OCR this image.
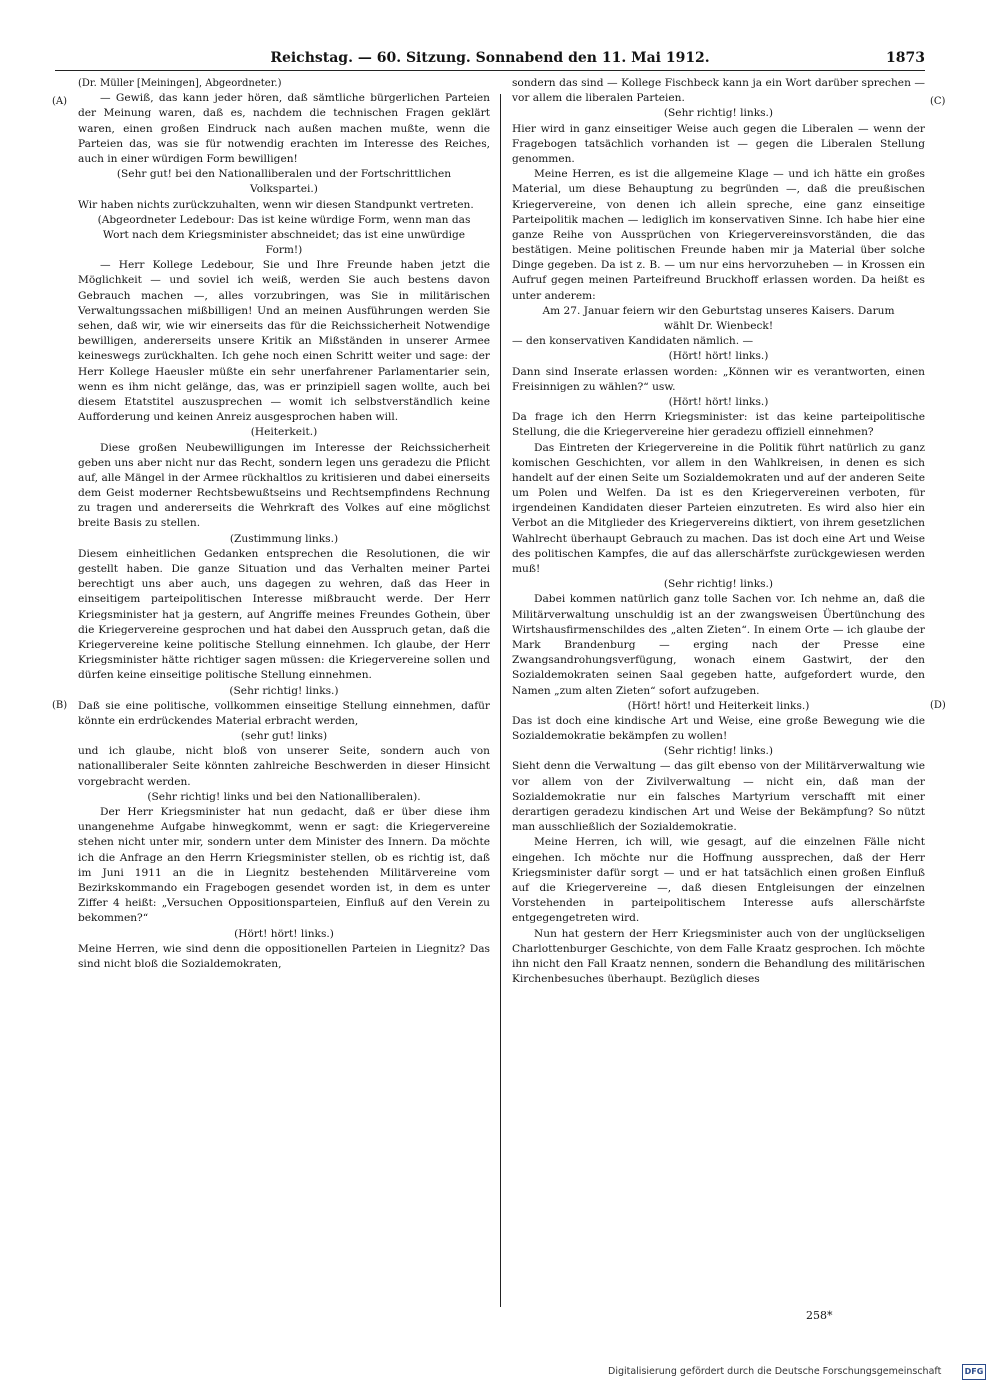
Reichstag. — 60. Sitzung. Sonnabend den 11. Mai 1912.	1873
(A)
(B)
(C)
(D)

(Dr. Müller [Meiningen], Abgeordneter.)

— Gewiß, das kann jeder hören, daß sämtliche bürgerlichen Parteien der Meinung waren, daß es, nachdem die technischen Fragen geklärt waren, einen großen Eindruck nach außen machen mußte, wenn die Parteien das, was sie für notwendig erachten im Interesse des Reiches, auch in einer würdigen Form bewilligen!

(Sehr gut! bei den Nationalliberalen und der Fortschrittlichen Volkspartei.)

Wir haben nichts zurückzuhalten, wenn wir diesen Standpunkt vertreten.

(Abgeordneter Ledebour: Das ist keine würdige Form, wenn man das Wort nach dem Kriegsminister abschneidet; das ist eine unwürdige Form!)

— Herr Kollege Ledebour, Sie und Ihre Freunde haben jetzt die Möglichkeit — und soviel ich weiß, werden Sie auch bestens davon Gebrauch machen —, alles vorzubringen, was Sie in militärischen Verwaltungssachen mißbilligen! Und an meinen Ausführungen werden Sie sehen, daß wir, wie wir einerseits das für die Reichssicherheit Notwendige bewilligen, andererseits unsere Kritik an Mißständen in unserer Armee keineswegs zurückhalten. Ich gehe noch einen Schritt weiter und sage: der Herr Kollege Haeusler müßte ein sehr unerfahrener Parlamentarier sein, wenn es ihm nicht gelänge, das, was er prinzipiell sagen wollte, auch bei diesem Etatstitel auszusprechen — womit ich selbstverständlich keine Aufforderung und keinen Anreiz ausgesprochen haben will.

(Heiterkeit.)

Diese großen Neubewilligungen im Interesse der Reichssicherheit geben uns aber nicht nur das Recht, sondern legen uns geradezu die Pflicht auf, alle Mängel in der Armee rückhaltlos zu kritisieren und dabei einerseits dem Geist moderner Rechtsbewußtseins und Rechtsempfindens Rechnung zu tragen und andererseits die Wehrkraft des Volkes auf eine möglichst breite Basis zu stellen.

(Zustimmung links.)

Diesem einheitlichen Gedanken entsprechen die Resolutionen, die wir gestellt haben. Die ganze Situation und das Verhalten meiner Partei berechtigt uns aber auch, uns dagegen zu wehren, daß das Heer in einseitigem parteipolitischen Interesse mißbraucht werde. Der Herr Kriegsminister hat ja gestern, auf Angriffe meines Freundes Gothein, über die Kriegervereine gesprochen und hat dabei den Ausspruch getan, daß die Kriegervereine keine politische Stellung einnehmen. Ich glaube, der Herr Kriegsminister hätte richtiger sagen müssen: die Kriegervereine sollen und dürfen keine einseitige politische Stellung einnehmen.

(Sehr richtig! links.)

Daß sie eine politische, vollkommen einseitige Stellung einnehmen, dafür könnte ein erdrückendes Material erbracht werden,

(sehr gut! links)

und ich glaube, nicht bloß von unserer Seite, sondern auch von nationalliberaler Seite könnten zahlreiche Beschwerden in dieser Hinsicht vorgebracht werden.

(Sehr richtig! links und bei den Nationalliberalen).

Der Herr Kriegsminister hat nun gedacht, daß er über diese ihm unangenehme Aufgabe hinwegkommt, wenn er sagt: die Kriegervereine stehen nicht unter mir, sondern unter dem Minister des Innern. Da möchte ich die Anfrage an den Herrn Kriegsminister stellen, ob es richtig ist, daß im Juni 1911 an die in Liegnitz bestehenden Militärvereine vom Bezirkskommando ein Fragebogen gesendet worden ist, in dem es unter Ziffer 4 heißt: „Versuchen Oppositionsparteien, Einfluß auf den Verein zu bekommen?“

(Hört! hört! links.)

Meine Herren, wie sind denn die oppositionellen Parteien in Liegnitz? Das sind nicht bloß die Sozialdemokraten,

sondern das sind — Kollege Fischbeck kann ja ein Wort darüber sprechen — vor allem die liberalen Parteien.

(Sehr richtig! links.)

Hier wird in ganz einseitiger Weise auch gegen die Liberalen — wenn der Fragebogen tatsächlich vorhanden ist — gegen die Liberalen Stellung genommen.

Meine Herren, es ist die allgemeine Klage — und ich hätte ein großes Material, um diese Behauptung zu begründen —, daß die preußischen Kriegervereine, von denen ich allein spreche, eine ganz einseitige Parteipolitik machen — lediglich im konservativen Sinne. Ich habe hier eine ganze Reihe von Aussprüchen von Kriegervereinsvorständen, die das bestätigen. Meine politischen Freunde haben mir ja Material über solche Dinge gegeben. Da ist z. B. — um nur eins hervorzuheben — in Krossen ein Aufruf gegen meinen Parteifreund Bruckhoff erlassen worden. Da heißt es unter anderem:

Am 27. Januar feiern wir den Geburtstag unseres Kaisers. Darum wählt Dr. Wienbeck!

— den konservativen Kandidaten nämlich. —

(Hört! hört! links.)

Dann sind Inserate erlassen worden: „Können wir es verantworten, einen Freisinnigen zu wählen?“ usw.

(Hört! hört! links.)

Da frage ich den Herrn Kriegsminister: ist das keine parteipolitische Stellung, die die Kriegervereine hier geradezu offiziell einnehmen?

Das Eintreten der Kriegervereine in die Politik führt natürlich zu ganz komischen Geschichten, vor allem in den Wahlkreisen, in denen es sich handelt auf der einen Seite um Sozialdemokraten und auf der anderen Seite um Polen und Welfen. Da ist es den Kriegervereinen verboten, für irgendeinen Kandidaten dieser Parteien einzutreten. Es wird also hier ein Verbot an die Mitglieder des Kriegervereins diktiert, von ihrem gesetzlichen Wahlrecht überhaupt Gebrauch zu machen. Das ist doch eine Art und Weise des politischen Kampfes, die auf das allerschärfste zurückgewiesen werden muß!

(Sehr richtig! links.)

Dabei kommen natürlich ganz tolle Sachen vor. Ich nehme an, daß die Militärverwaltung unschuldig ist an der zwangsweisen Übertünchung des Wirtshausfirmenschildes des „alten Zieten“. In einem Orte — ich glaube der Mark Brandenburg — erging nach der Presse eine Zwangsandrohungsverfügung, wonach einem Gastwirt, der den Sozialdemokraten seinen Saal gegeben hatte, aufgefordert wurde, den Namen „zum alten Zieten“ sofort aufzugeben.

(Hört! hört! und Heiterkeit links.)

Das ist doch eine kindische Art und Weise, eine große Bewegung wie die Sozialdemokratie bekämpfen zu wollen!

(Sehr richtig! links.)

Sieht denn die Verwaltung — das gilt ebenso von der Militärverwaltung wie vor allem von der Zivilverwaltung — nicht ein, daß man der Sozialdemokratie nur ein falsches Martyrium verschafft mit einer derartigen geradezu kindischen Art und Weise der Bekämpfung? So nützt man ausschließlich der Sozialdemokratie.

Meine Herren, ich will, wie gesagt, auf die einzelnen Fälle nicht eingehen. Ich möchte nur die Hoffnung aussprechen, daß der Herr Kriegsminister dafür sorgt — und er hat tatsächlich einen großen Einfluß auf die Kriegervereine —, daß diesen Entgleisungen der einzelnen Vorstehenden in parteipolitischem Interesse aufs allerschärfste entgegengetreten wird.

Nun hat gestern der Herr Kriegsminister auch von der unglückseligen Charlottenburger Geschichte, von dem Falle Kraatz gesprochen. Ich möchte ihn nicht den Fall Kraatz nennen, sondern die Behandlung des militärischen Kirchenbesuches überhaupt. Bezüglich dieses

258*
Digitalisierung gefördert durch die Deutsche Forschungsgemeinschaft	DFG
